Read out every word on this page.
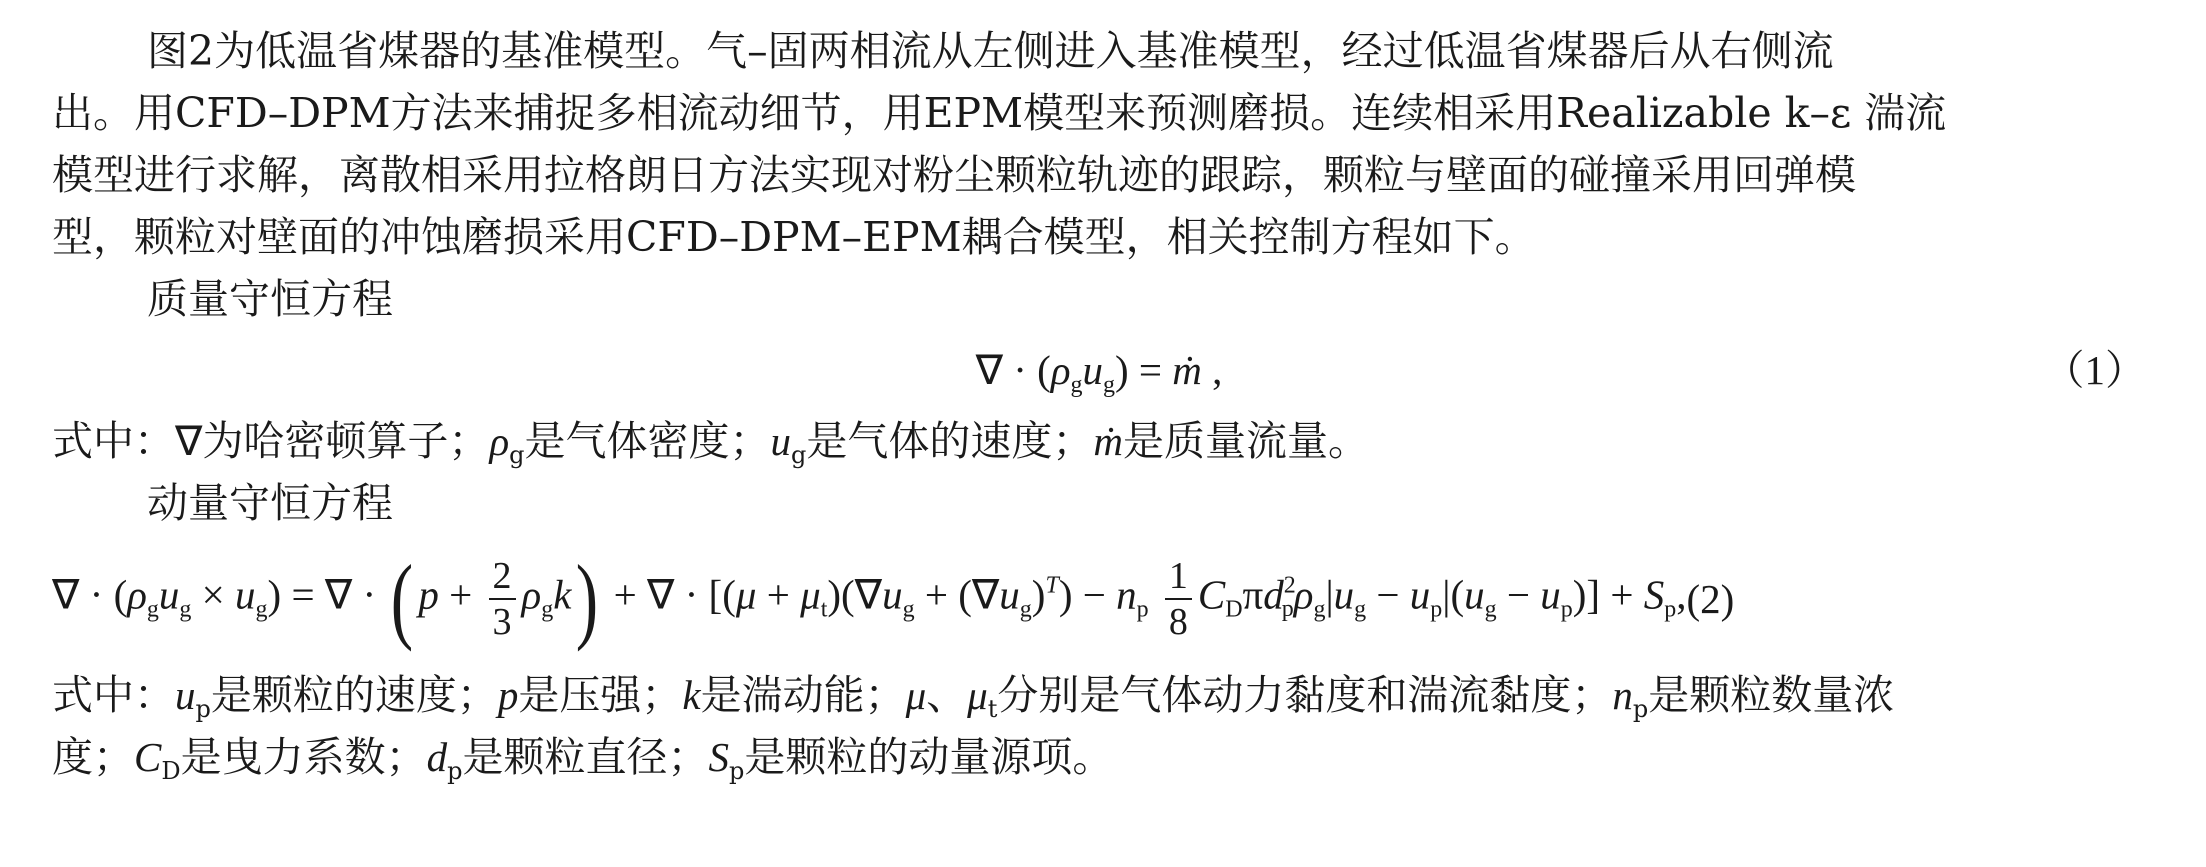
图2为低温省煤器的基准模型。气–固两相流从左侧进入基准模型，经过低温省煤器后从右侧流
出。用CFD–DPM方法来捕捉多相流动细节，用EPM模型来预测磨损。连续相采用Realizable k–ε 湍流
模型进行求解，离散相采用拉格朗日方法实现对粉尘颗粒轨迹的跟踪，颗粒与壁面的碰撞采用回弹模
型，颗粒对壁面的冲蚀磨损采用CFD–DPM–EPM耦合模型，相关控制方程如下。
质量守恒方程
∇ · $(\rho_gu_g)$ = ṁ ,	（1）
式中：∇为哈密顿算子；$\rho_g$是气体密度；$u_g$是气体的速度；ṁ是质量流量。
动量守恒方程
∇ · $(\rho_gu_g \times u_g)$ = ∇ · ( $p + \frac{2}{3} \rho_gk$) + ∇ · $[(\mu + \mu_t)(\nabla u_g + (\nabla u_g)^T) - n_p \frac{1}{8} C_D\pi d^2_p\rho_g|u_g - u_p|(u_g - u_p)] + S_p$, (2)
式中：$u_p$是颗粒的速度；p是压强；k是湍动能；μ、$\mu_t$分别是气体动力黏度和湍流黏度；$n_p$是颗粒数量浓
度；$C_D$是曳力系数；$d_p$是颗粒直径；$S_p$是颗粒的动量源项。
